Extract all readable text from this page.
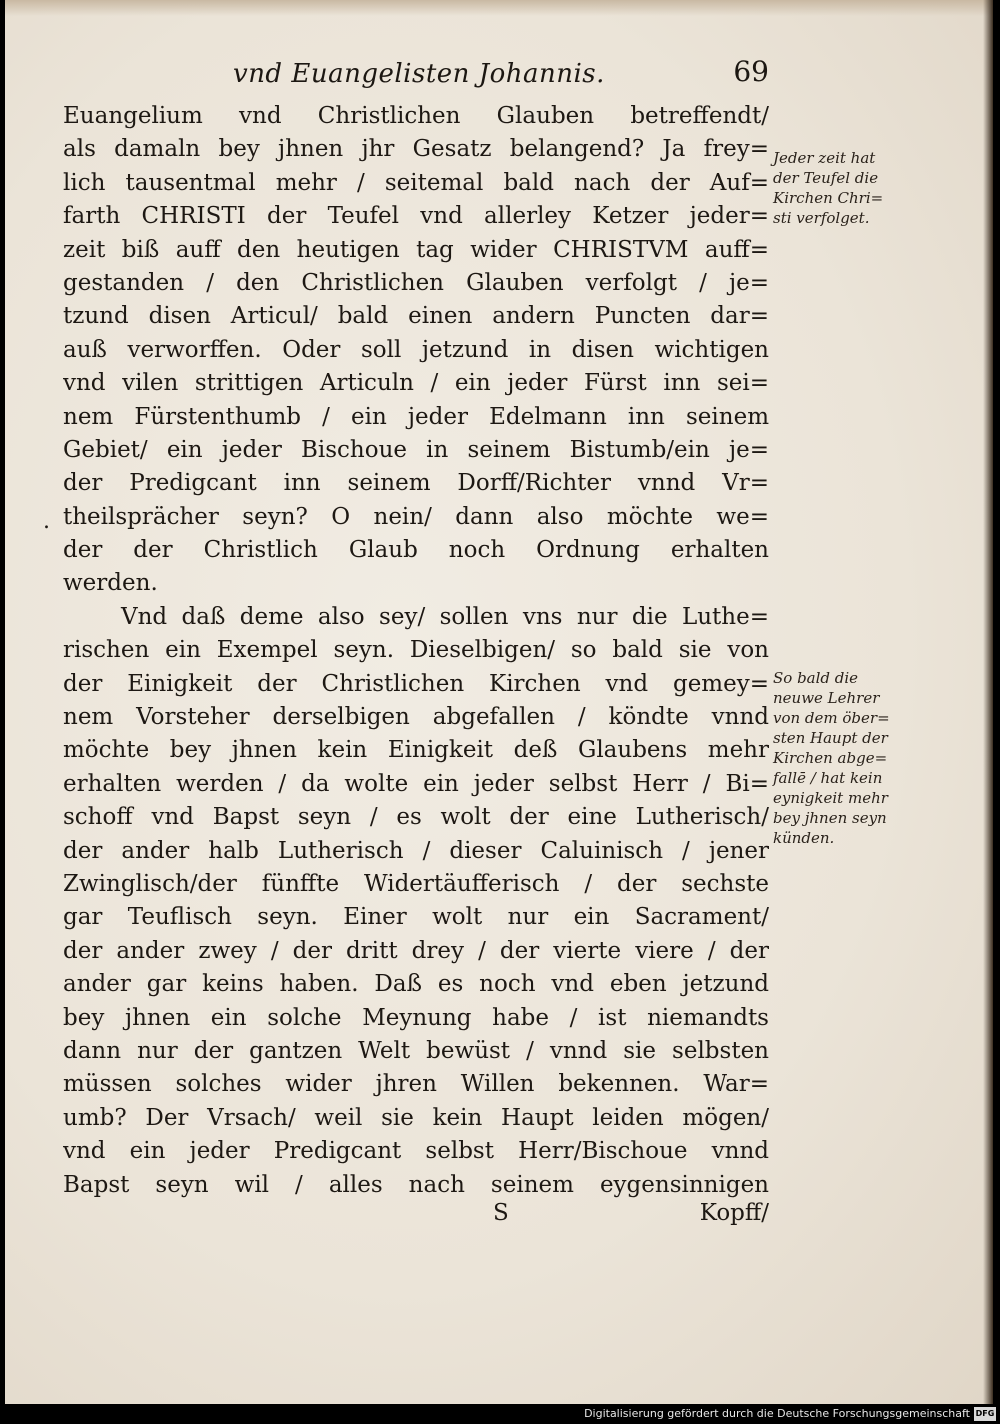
vnd Euangelisten Johannis.	69
.
Euangelium vnd Christlichen Glauben betreffendt/
als damaln bey jhnen jhr Gesatz belangend? Ja frey=
lich tausentmal mehr / seitemal bald nach der Auf=
farth CHRISTI der Teufel vnd allerley Ketzer jeder=
zeit biß auff den heutigen tag wider CHRISTVM auff=
gestanden / den Christlichen Glauben verfolgt / je=
tzund disen Articul/ bald einen andern Puncten dar=
auß verworffen. Oder soll jetzund in disen wichtigen
vnd vilen strittigen Articuln / ein jeder Fürst inn sei=
nem Fürstenthumb / ein jeder Edelmann inn seinem
Gebiet/ ein jeder Bischoue in seinem Bistumb/ein je=
der Predigcant inn seinem Dorff/Richter vnnd Vr=
theilsprächer seyn? O nein/ dann also möchte we=
der der Christlich Glaub noch Ordnung erhalten
werden.
Vnd daß deme also sey/ sollen vns nur die Luthe=
rischen ein Exempel seyn. Dieselbigen/ so bald sie von
der Einigkeit der Christlichen Kirchen vnd gemey=
nem Vorsteher derselbigen abgefallen / köndte vnnd
möchte bey jhnen kein Einigkeit deß Glaubens mehr
erhalten werden / da wolte ein jeder selbst Herr / Bi=
schoff vnd Bapst seyn / es wolt der eine Lutherisch/
der ander halb Lutherisch / dieser Caluinisch / jener
Zwinglisch/der fünffte Widertäufferisch / der sechste
gar Teuflisch seyn. Einer wolt nur ein Sacrament/
der ander zwey / der dritt drey / der vierte viere / der
ander gar keins haben. Daß es noch vnd eben jetzund
bey jhnen ein solche Meynung habe / ist niemandts
dann nur der gantzen Welt bewüst / vnnd sie selbsten
müssen solches wider jhren Willen bekennen. War=
umb? Der Vrsach/ weil sie kein Haupt leiden mögen/
vnd ein jeder Predigcant selbst Herr/Bischoue vnnd
Bapst seyn wil / alles nach seinem eygensinnigen
Jeder zeit hat
der Teufel die
Kirchen Chri=
sti verfolget.
So bald die
neuwe Lehrer
von dem öber=
sten Haupt der
Kirchen abge=
fallē / hat kein
eynigkeit mehr
bey jhnen seyn
künden.
S	Kopff/
Digitalisierung gefördert durch die Deutsche Forschungsgemeinschaft DFG
